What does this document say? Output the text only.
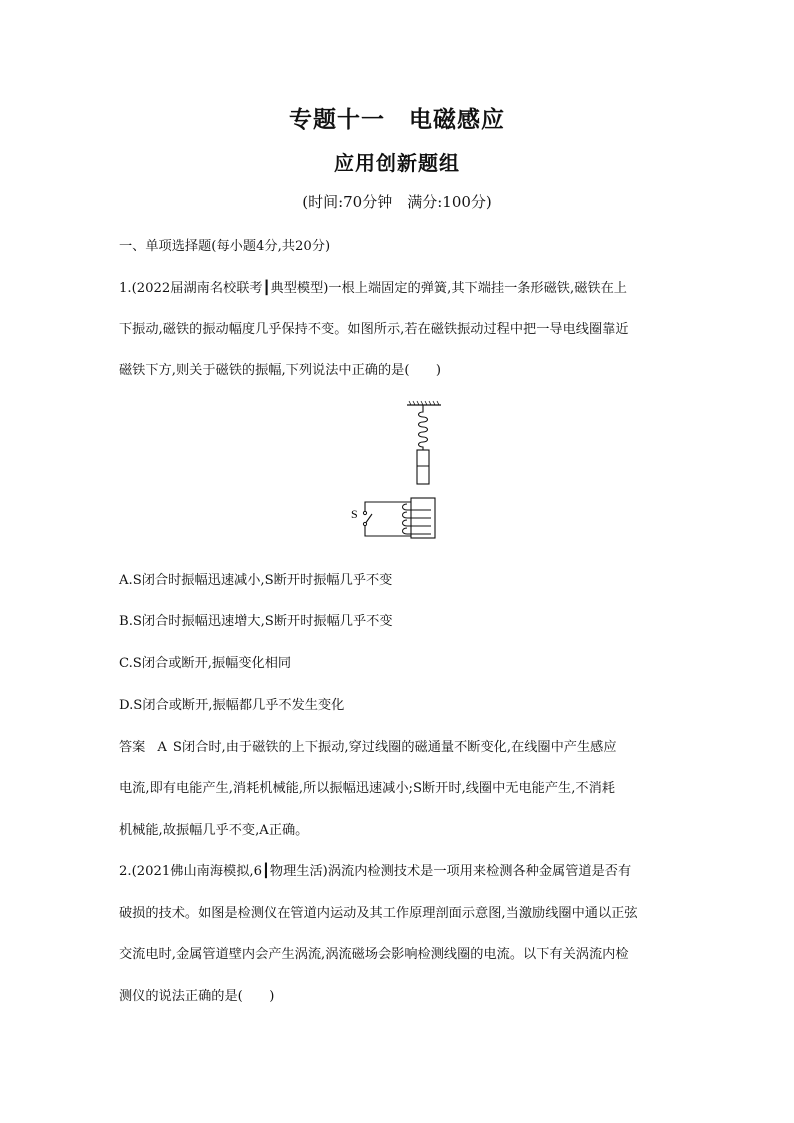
专题十一　电磁感应
应用创新题组
(时间:70分钟　满分:100分)
一、单项选择题(每小题4分,共20分)
1.(2022届湖南名校联考┃典型模型)一根上端固定的弹簧,其下端挂一条形磁铁,磁铁在上
下振动,磁铁的振动幅度几乎保持不变。如图所示,若在磁铁振动过程中把一导电线圈靠近
磁铁下方,则关于磁铁的振幅,下列说法中正确的是(　　)
S
A.S闭合时振幅迅速减小,S断开时振幅几乎不变
B.S闭合时振幅迅速增大,S断开时振幅几乎不变
C.S闭合或断开,振幅变化相同
D.S闭合或断开,振幅都几乎不发生变化
答案 A S闭合时,由于磁铁的上下振动,穿过线圈的磁通量不断变化,在线圈中产生感应
电流,即有电能产生,消耗机械能,所以振幅迅速减小;S断开时,线圈中无电能产生,不消耗
机械能,故振幅几乎不变,A正确。
2.(2021佛山南海模拟,6┃物理生活)涡流内检测技术是一项用来检测各种金属管道是否有
破损的技术。如图是检测仪在管道内运动及其工作原理剖面示意图,当激励线圈中通以正弦
交流电时,金属管道壁内会产生涡流,涡流磁场会影响检测线圈的电流。以下有关涡流内检
测仪的说法正确的是(　　)
